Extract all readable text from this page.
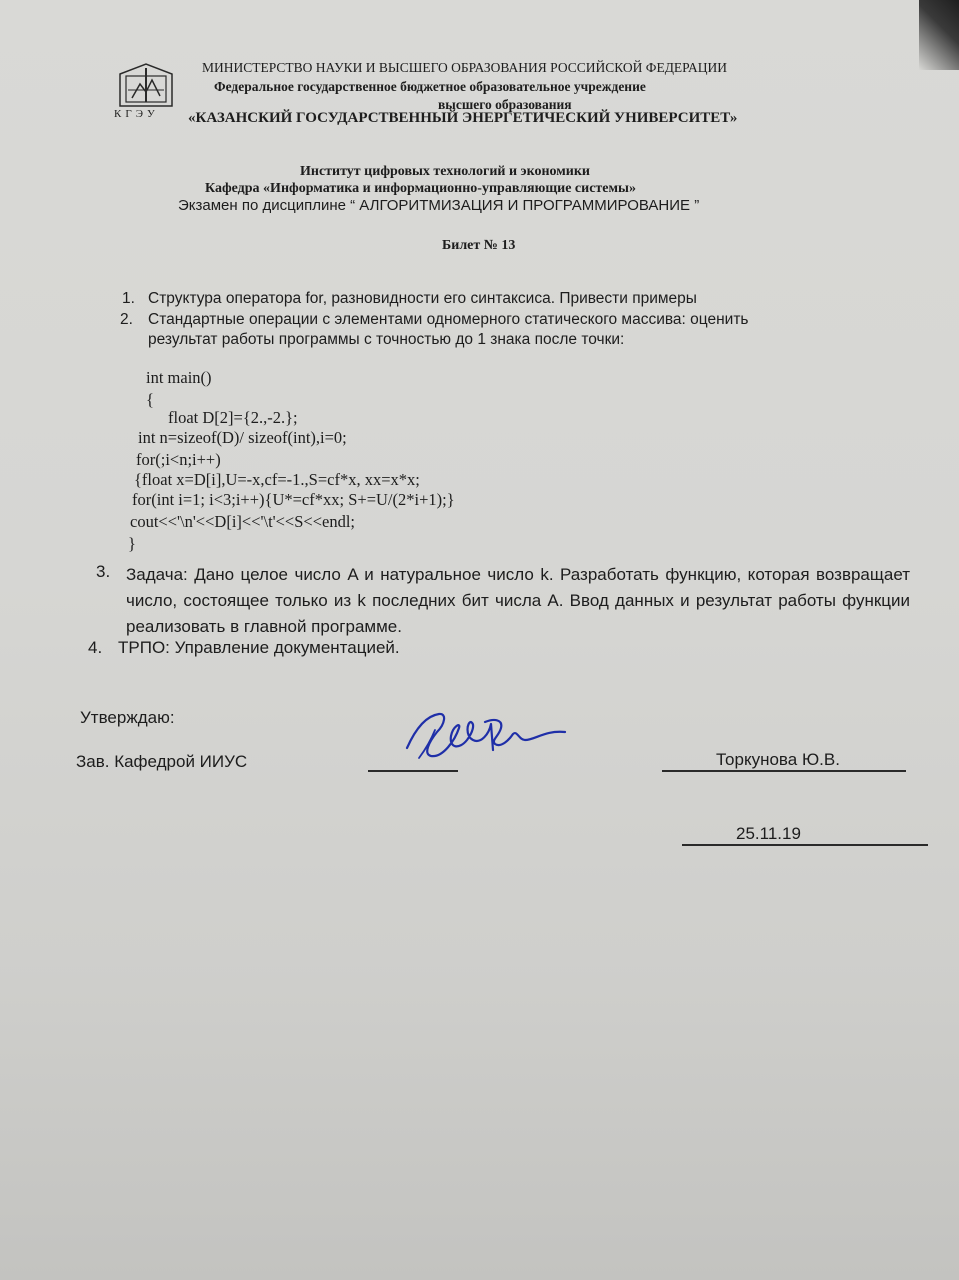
КГЭУ
МИНИСТЕРСТВО НАУКИ И ВЫСШЕГО ОБРАЗОВАНИЯ РОССИЙСКОЙ ФЕДЕРАЦИИ
Федеральное государственное бюджетное образовательное учреждение
высшего образования
«КАЗАНСКИЙ ГОСУДАРСТВЕННЫЙ ЭНЕРГЕТИЧЕСКИЙ УНИВЕРСИТЕТ»
Институт цифровых технологий и экономики
Кафедра «Информатика и информационно-управляющие системы»
Экзамен по дисциплине “ АЛГОРИТМИЗАЦИЯ И ПРОГРАММИРОВАНИЕ ”
Билет № 13
1. Структура оператора for, разновидности его синтаксиса. Привести примеры
2. Стандартные операции с элементами одномерного статического массива: оценить
результат работы программы с точностью до 1 знака после точки:
int main()
{
float D[2]={2.,-2.};
int n=sizeof(D)/ sizeof(int),i=0;
for(;i<n;i++)
{float x=D[i],U=-x,cf=-1.,S=cf*x, xx=x*x;
for(int i=1; i<3;i++){U*=cf*xx; S+=U/(2*i+1);}
cout<<'\n'<<D[i]<<'\t'<<S<<endl;
}
3. Задача: Дано целое число A и натуральное число k. Разработать функцию, которая возвращает число, состоящее только из k последних бит числа A. Ввод данных и результат работы функции реализовать в главной программе.
4. ТРПО: Управление документацией.
Утверждаю:
Зав. Кафедрой ИИУС	Торкунова Ю.В.
25.11.19
